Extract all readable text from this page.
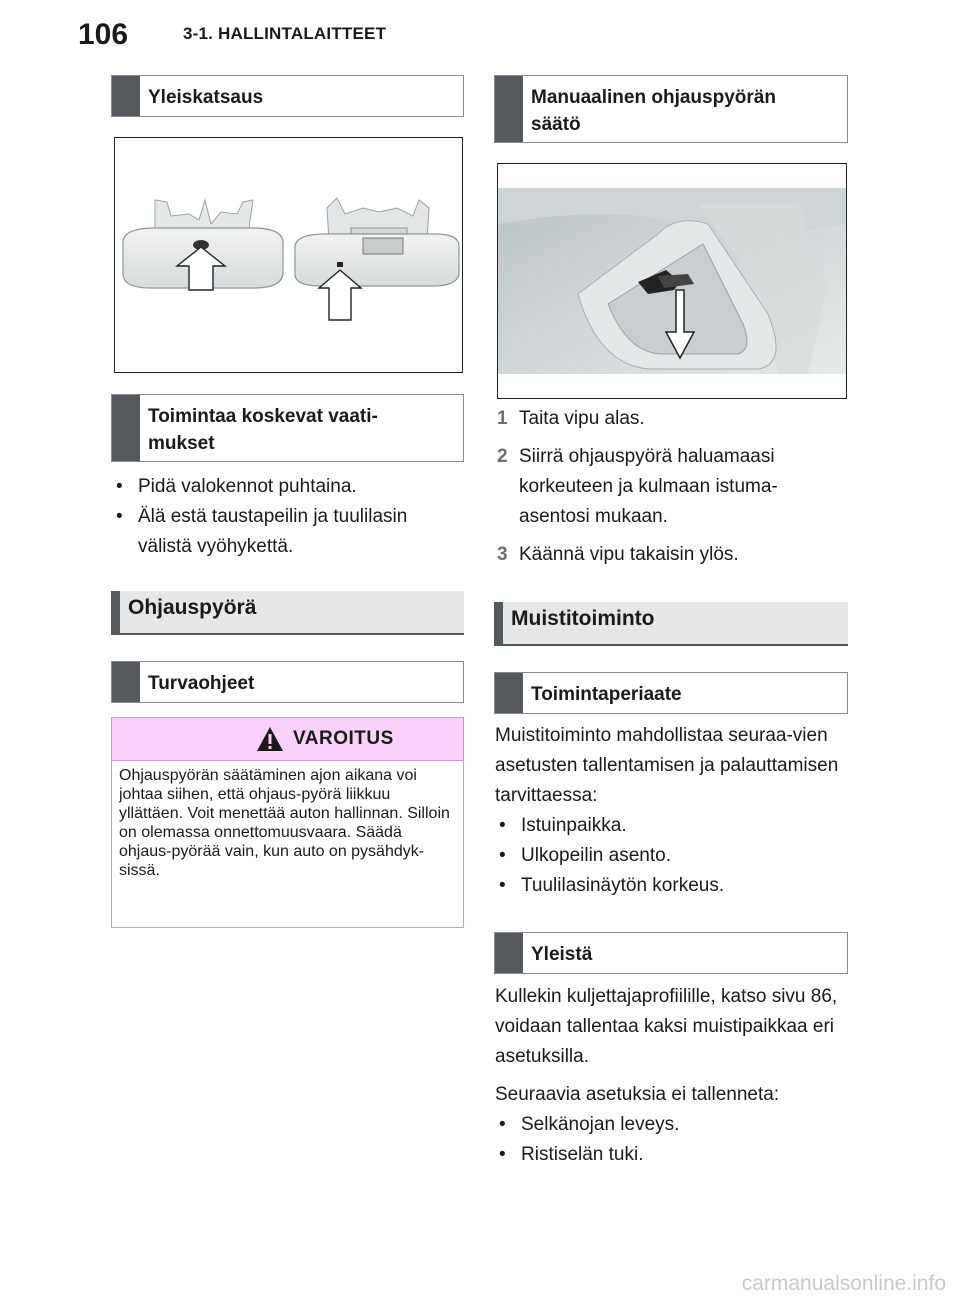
106	3-1. HALLINTALAITTEET
Yleiskatsaus
Toimintaa koskevat vaati-
mukset
• Pidä valokennot puhtaina.
• Älä estä taustapeilin ja tuulilasin välistä vyöhykettä.
Ohjauspyörä
Turvaohjeet
VAROITUS
Ohjauspyörän säätäminen ajon aikana voi johtaa siihen, että ohjaus-pyörä liikkuu yllättäen. Voit menettää auton hallinnan. Silloin on olemassa onnettomuusvaara. Säädä ohjaus-pyörää vain, kun auto on pysähdyk-sissä.
Manuaalinen ohjauspyörän
säätö
1 Taita vipu alas.
2 Siirrä ohjauspyörä haluamaasi korkeuteen ja kulmaan istuma-asentosi mukaan.
3 Käännä vipu takaisin ylös.
Muistitoiminto
Toimintaperiaate

Muistitoiminto mahdollistaa seuraa-vien asetusten tallentamisen ja palauttamisen tarvittaessa:

• Istuinpaikka.
• Ulkopeilin asento.
• Tuulilasinäytön korkeus.
Yleistä

Kullekin kuljettajaprofiilille, katso sivu 86, voidaan tallentaa kaksi muistipaikkaa eri asetuksilla.

Seuraavia asetuksia ei tallenneta:

• Selkänojan leveys.
• Ristiselän tuki.
carmanualsonline.info
